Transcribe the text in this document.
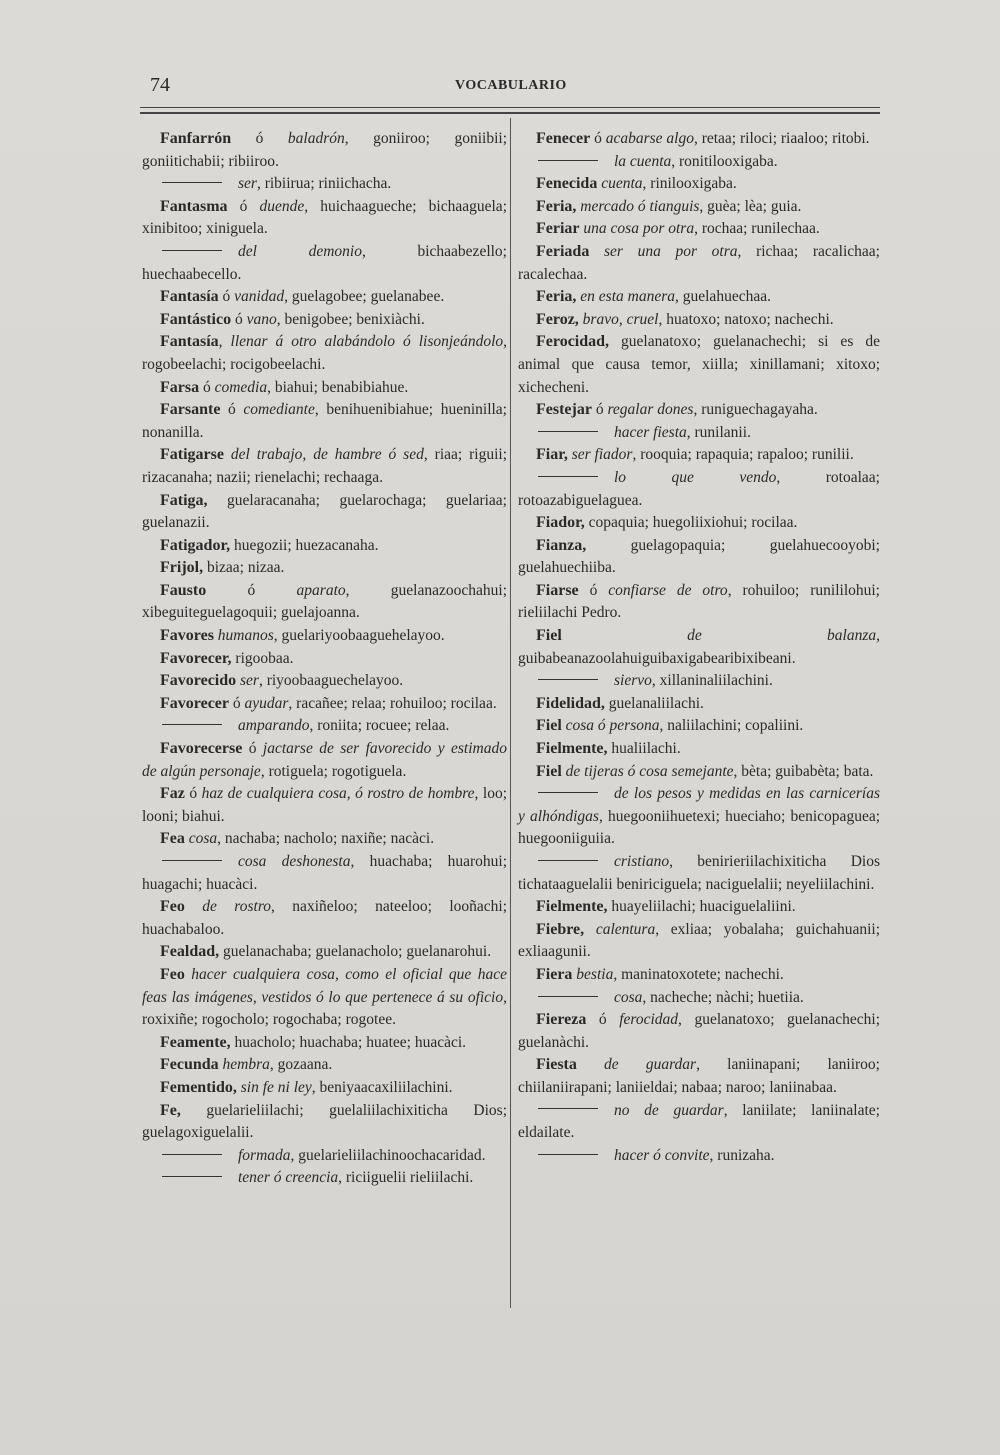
74	VOCABULARIO

Fanfarrón ó baladrón, goniiroo; goniibii; goniitichabii; ribiiroo.

ser, ribiirua; riniichacha.

Fantasma ó duende, huichaagueche; bichaaguela; xinibitoo; xiniguela.

del demonio, bichaabezello; huechaabecello.

Fantasía ó vanidad, guelagobee; guelanabee.

Fantástico ó vano, benigobee; benixiàchi.

Fantasía, llenar á otro alabándolo ó lisonjeándolo, rogobeelachi; rocigobeelachi.

Farsa ó comedia, biahui; benabibiahue.

Farsante ó comediante, benihuenibiahue; hueninilla; nonanilla.

Fatigarse del trabajo, de hambre ó sed, riaa; riguii; rizacanaha; nazii; rienelachi; rechaaga.

Fatiga, guelaracanaha; guelarochaga; guelariaa; guelanazii.

Fatigador, huegozii; huezacanaha.

Frijol, bizaa; nizaa.

Fausto ó aparato, guelanazoochahui; xibeguiteguelagoquii; guelajoanna.

Favores humanos, guelariyoobaaguehelayoo.

Favorecer, rigoobaa.

Favorecido ser, riyoobaaguechelayoo.

Favorecer ó ayudar, racañee; relaa; rohuiloo; rocilaa.

amparando, roniita; rocuee; relaa.

Favorecerse ó jactarse de ser favorecido y estimado de algún personaje, rotiguela; rogotiguela.

Faz ó haz de cualquiera cosa, ó rostro de hombre, loo; looni; biahui.

Fea cosa, nachaba; nacholo; naxiñe; nacàci.

cosa deshonesta, huachaba; huarohui; huagachi; huacàci.

Feo de rostro, naxiñeloo; nateeloo; looñachi; huachabaloo.

Fealdad, guelanachaba; guelanacholo; guelanarohui.

Feo hacer cualquiera cosa, como el oficial que hace feas las imágenes, vestidos ó lo que pertenece á su oficio, roxixiñe; rogocholo; rogochaba; rogotee.

Feamente, huacholo; huachaba; huatee; huacàci.

Fecunda hembra, gozaana.

Fementido, sin fe ni ley, beniyaacaxiliilachini.

Fe, guelarieliilachi; guelaliilachixiticha Dios; guelagoxiguelalii.

formada, guelarieliilachinoochacaridad.

tener ó creencia, riciiguelii rieliilachi.

Fenecer ó acabarse algo, retaa; riloci; riaaloo; ritobi.

la cuenta, ronitilooxigaba.

Fenecida cuenta, rinilooxigaba.

Feria, mercado ó tianguis, guèa; lèa; guia.

Feriar una cosa por otra, rochaa; runilechaa.

Feriada ser una por otra, richaa; racalichaa; racalechaa.

Feria, en esta manera, guelahuechaa.

Feroz, bravo, cruel, huatoxo; natoxo; nachechi.

Ferocidad, guelanatoxo; guelanachechi; si es de animal que causa temor, xiilla; xinillamani; xitoxo; xichecheni.

Festejar ó regalar dones, runiguechagayaha.

hacer fiesta, runilanii.

Fiar, ser fiador, rooquia; rapaquia; rapaloo; runilii.

lo que vendo, rotoalaa; rotoazabiguelaguea.

Fiador, copaquia; huegoliixiohui; rocilaa.

Fianza,	guelagopaquia; guelahuecooyobi; guelahuechiiba.

Fiarse ó confiarse de otro, rohuiloo; runililohui; rieliilachi Pedro.

Fiel	de balanza, guibabeanazoolahuiguibaxigabearibixibeani.

siervo, xillaninaliilachini.

Fidelidad, guelanaliilachi.

Fiel cosa ó persona, naliilachini; copaliini.

Fielmente, hualiilachi.

Fiel de tijeras ó cosa semejante, bèta; guibabèta; bata.

de los pesos y medidas en las carnicerías y alhóndigas, huegooniihuetexi; hueciaho; benicopaguea; huegooniiguiia.

cristiano, benirieriilachixiticha Dios tichataaguelalii beniriciguela; naciguelalii; neyeliilachini.

Fielmente, huayeliilachi; huaciguelaliini.

Fiebre, calentura, exliaa; yobalaha; guichahuanii; exliaagunii.

Fiera bestia, maninatoxotete; nachechi.

cosa, nacheche; nàchi; huetiia.

Fiereza ó ferocidad, guelanatoxo; guelanachechi; guelanàchi.

Fiesta de guardar, laniinapani; laniiroo; chiilaniirapani; laniieldai; nabaa; naroo; laniinabaa.

no de guardar, laniilate; laniinalate; eldailate.

hacer ó convite, runizaha.
